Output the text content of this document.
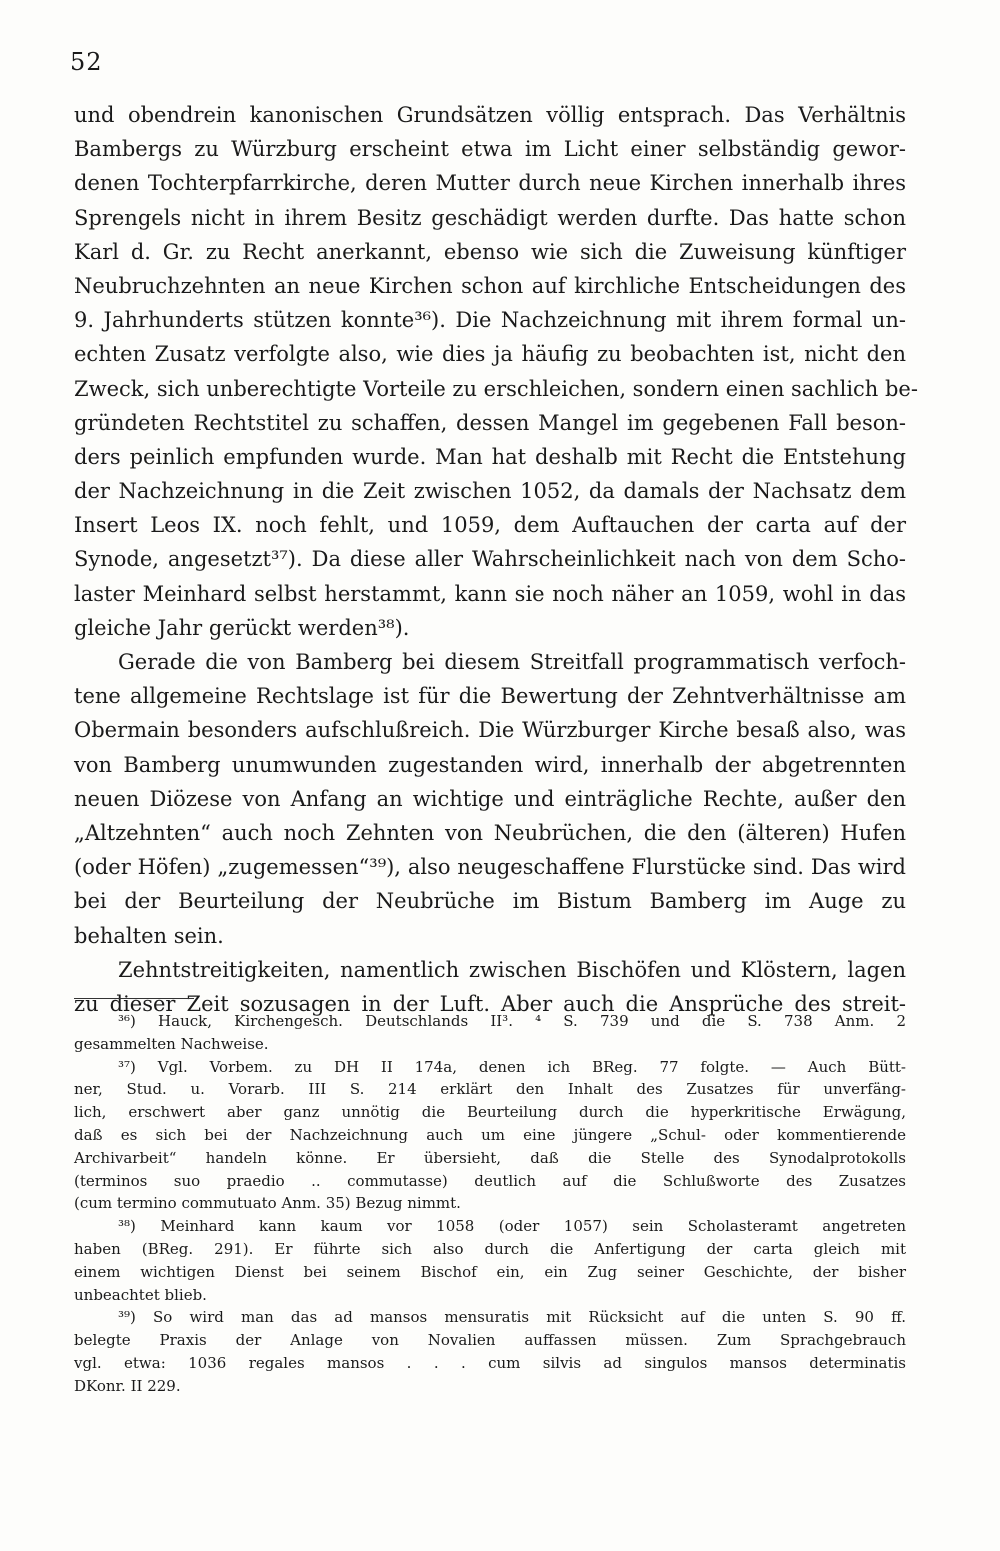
52
und obendrein kanonischen Grundsätzen völlig entsprach. Das Verhältnis
Bambergs zu Würzburg erscheint etwa im Licht einer selbständig gewor-
denen Tochterpfarrkirche, deren Mutter durch neue Kirchen innerhalb ihres
Sprengels nicht in ihrem Besitz geschädigt werden durfte. Das hatte schon
Karl d. Gr. zu Recht anerkannt, ebenso wie sich die Zuweisung künftiger
Neubruchzehnten an neue Kirchen schon auf kirchliche Entscheidungen des
9. Jahrhunderts stützen konnte³⁶). Die Nachzeichnung mit ihrem formal un-
echten Zusatz verfolgte also, wie dies ja häufig zu beobachten ist, nicht den
Zweck, sich unberechtigte Vorteile zu erschleichen, sondern einen sachlich be-
gründeten Rechtstitel zu schaffen, dessen Mangel im gegebenen Fall beson-
ders peinlich empfunden wurde. Man hat deshalb mit Recht die Entstehung
der Nachzeichnung in die Zeit zwischen 1052, da damals der Nachsatz dem
Insert Leos IX. noch fehlt, und 1059, dem Auftauchen der carta auf der
Synode, angesetzt³⁷). Da diese aller Wahrscheinlichkeit nach von dem Scho-
laster Meinhard selbst herstammt, kann sie noch näher an 1059, wohl in das
gleiche Jahr gerückt werden³⁸).
Gerade die von Bamberg bei diesem Streitfall programmatisch verfoch-
tene allgemeine Rechtslage ist für die Bewertung der Zehntverhältnisse am
Obermain besonders aufschlußreich. Die Würzburger Kirche besaß also, was
von Bamberg unumwunden zugestanden wird, innerhalb der abgetrennten
neuen Diözese von Anfang an wichtige und einträgliche Rechte, außer den
„Altzehnten“ auch noch Zehnten von Neubrüchen, die den (älteren) Hufen
(oder Höfen) „zugemessen“³⁹), also neugeschaffene Flurstücke sind. Das wird
bei der Beurteilung der Neubrüche im Bistum Bamberg im Auge zu
behalten sein.
Zehntstreitigkeiten, namentlich zwischen Bischöfen und Klöstern, lagen
zu dieser Zeit sozusagen in der Luft. Aber auch die Ansprüche des streit-
³⁶) Hauck, Kirchengesch. Deutschlands II³. ⁴ S. 739 und die S. 738 Anm. 2
gesammelten Nachweise.
³⁷) Vgl. Vorbem. zu DH II 174a, denen ich BReg. 77 folgte. — Auch Bütt-
ner, Stud. u. Vorarb. III S. 214 erklärt den Inhalt des Zusatzes für unverfäng-
lich, erschwert aber ganz unnötig die Beurteilung durch die hyperkritische Erwägung,
daß es sich bei der Nachzeichnung auch um eine jüngere „Schul- oder kommentierende
Archivarbeit“ handeln könne. Er übersieht, daß die Stelle des Synodalprotokolls
(terminos suo praedio .. commutasse) deutlich auf die Schlußworte des Zusatzes
(cum termino commutuato Anm. 35) Bezug nimmt.
³⁸) Meinhard kann kaum vor 1058 (oder 1057) sein Scholasteramt angetreten
haben (BReg. 291). Er führte sich also durch die Anfertigung der carta gleich mit
einem wichtigen Dienst bei seinem Bischof ein, ein Zug seiner Geschichte, der bisher
unbeachtet blieb.
³⁹) So wird man das ad mansos mensuratis mit Rücksicht auf die unten S. 90 ff.
belegte Praxis der Anlage von Novalien auffassen müssen. Zum Sprachgebrauch
vgl. etwa: 1036 regales mansos . . . cum silvis ad singulos mansos determinatis
DKonr. II 229.
